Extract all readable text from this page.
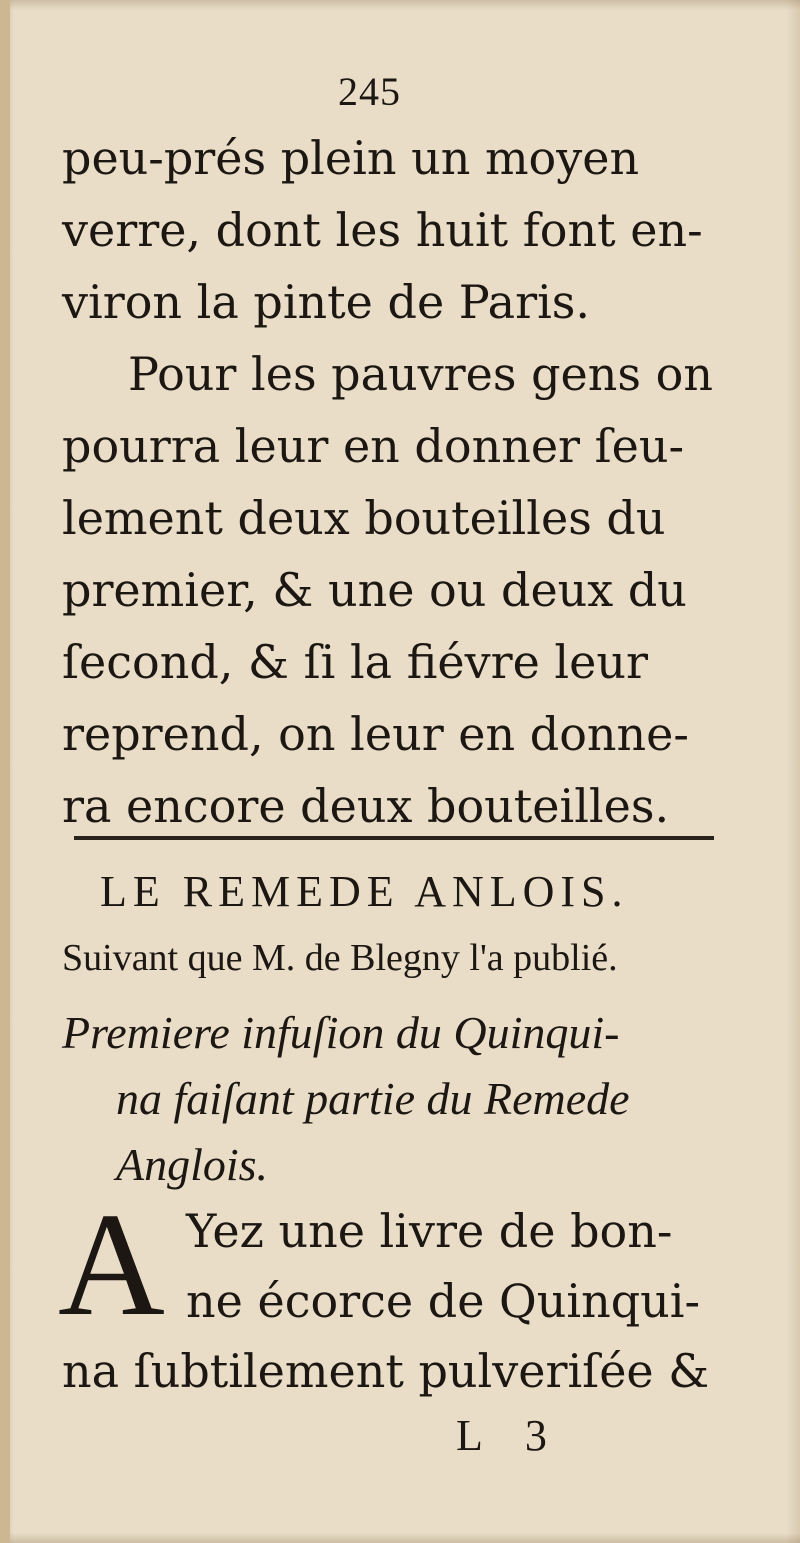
245
peu-prés plein un moyen
verre, dont les huit font en-
viron la pinte de Paris.
Pour les pauvres gens on
pourra leur en donner ſeu-
lement deux bouteilles du
premier, & une ou deux du
ſecond, & ſi la fiévre leur
reprend, on leur en donne-
ra encore deux bouteilles.
LE REMEDE ANLOIS.
Suivant que M. de Blegny l'a publié.
Premiere infuſion du Quinqui-
na faiſant partie du Remede
Anglois.
A Yez une livre de bon-
ne écorce de Quinqui-
na ſubtilement pulveriſée &
L 3
